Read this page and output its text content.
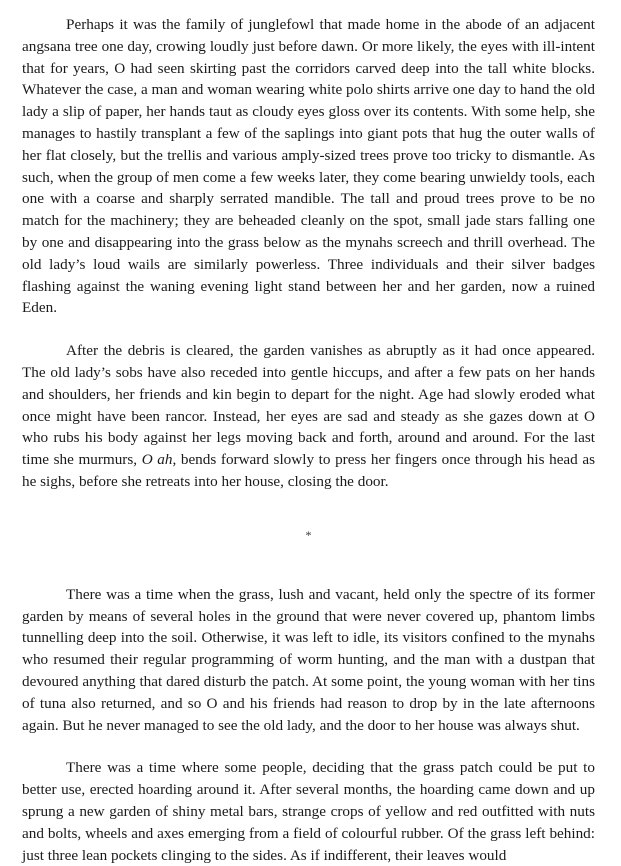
Perhaps it was the family of junglefowl that made home in the abode of an adjacent angsana tree one day, crowing loudly just before dawn. Or more likely, the eyes with ill-intent that for years, O had seen skirting past the corridors carved deep into the tall white blocks. Whatever the case, a man and woman wearing white polo shirts arrive one day to hand the old lady a slip of paper, her hands taut as cloudy eyes gloss over its contents. With some help, she manages to hastily transplant a few of the saplings into giant pots that hug the outer walls of her flat closely, but the trellis and various amply-sized trees prove too tricky to dismantle. As such, when the group of men come a few weeks later, they come bearing unwieldy tools, each one with a coarse and sharply serrated mandible. The tall and proud trees prove to be no match for the machinery; they are beheaded cleanly on the spot, small jade stars falling one by one and disappearing into the grass below as the mynahs screech and thrill overhead. The old lady’s loud wails are similarly powerless. Three individuals and their silver badges flashing against the waning evening light stand between her and her garden, now a ruined Eden.

After the debris is cleared, the garden vanishes as abruptly as it had once appeared. The old lady’s sobs have also receded into gentle hiccups, and after a few pats on her hands and shoulders, her friends and kin begin to depart for the night. Age had slowly eroded what once might have been rancor. Instead, her eyes are sad and steady as she gazes down at O who rubs his body against her legs moving back and forth, around and around. For the last time she murmurs, O ah, bends forward slowly to press her fingers once through his head as he sighs, before she retreats into her house, closing the door.

*

There was a time when the grass, lush and vacant, held only the spectre of its former garden by means of several holes in the ground that were never covered up, phantom limbs tunnelling deep into the soil. Otherwise, it was left to idle, its visitors confined to the mynahs who resumed their regular programming of worm hunting, and the man with a dustpan that devoured anything that dared disturb the patch. At some point, the young woman with her tins of tuna also returned, and so O and his friends had reason to drop by in the late afternoons again. But he never managed to see the old lady, and the door to her house was always shut.

There was a time where some people, deciding that the grass patch could be put to better use, erected hoarding around it. After several months, the hoarding came down and up sprung a new garden of shiny metal bars, strange crops of yellow and red outfitted with nuts and bolts, wheels and axes emerging from a field of colourful rubber. Of the grass left behind: just three lean pockets clinging to the sides. As if indifferent, their leaves would
